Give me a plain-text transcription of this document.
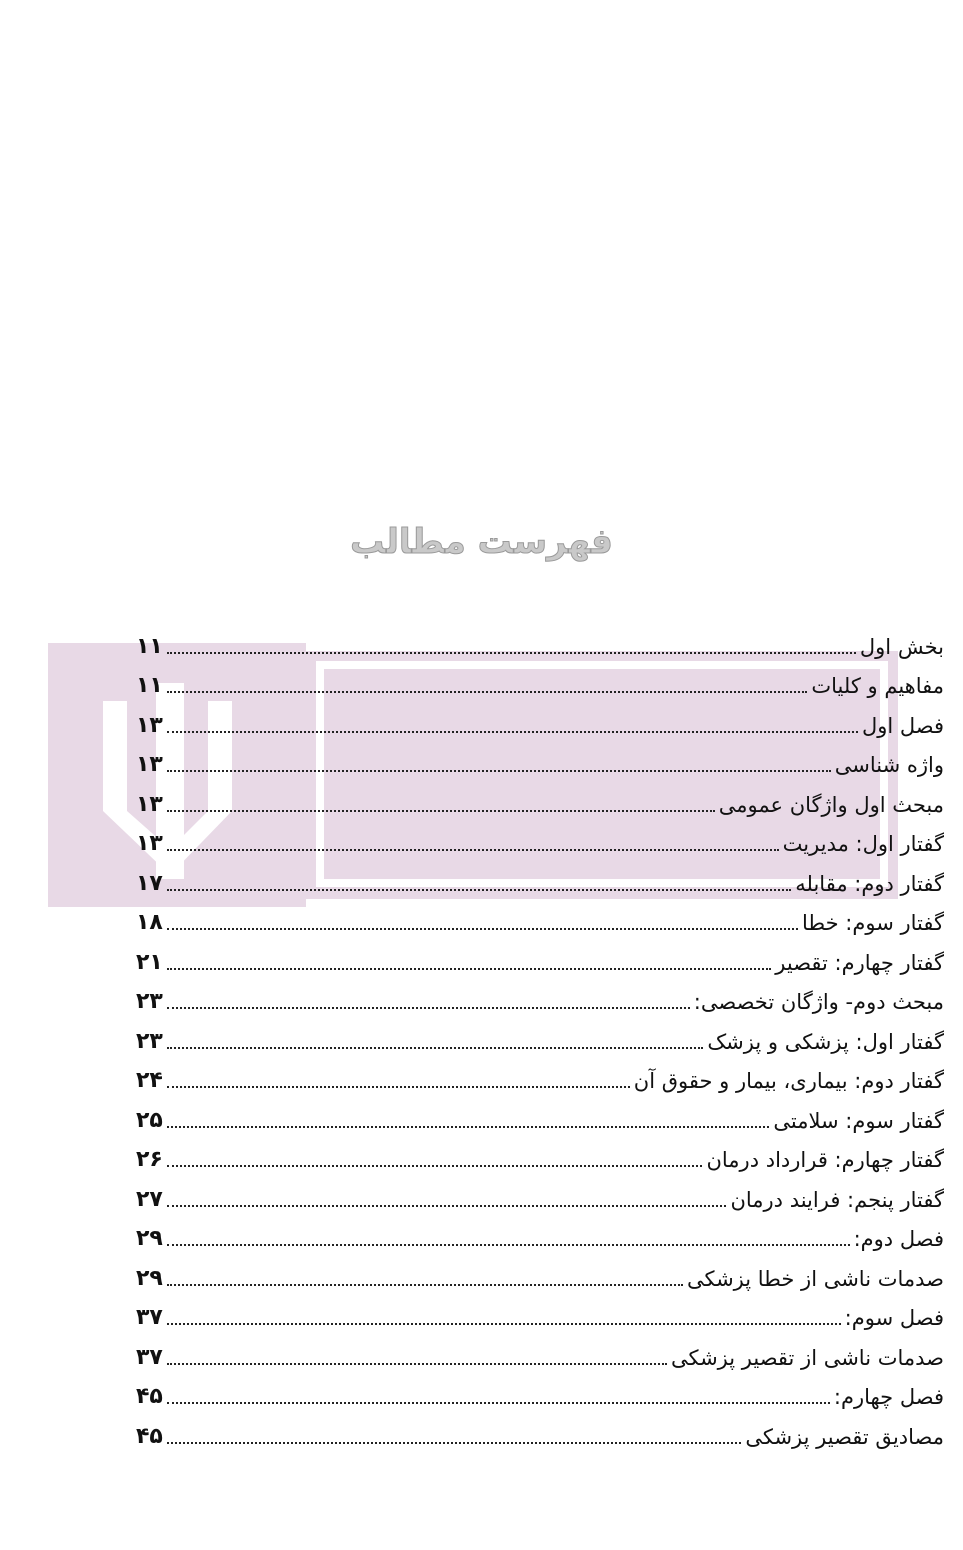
فهرست مطالب
بخش اول
۱۱
مفاهیم و کلیات
۱۱
فصل اول
۱۳
واژه شناسی
۱۳
مبحث اول واژگان عمومی
۱۳
گفتار اول: مدیریت
۱۳
گفتار دوم: مقابله
۱۷
گفتار سوم: خطا
۱۸
گفتار چهارم: تقصیر
۲۱
مبحث دوم- واژگان تخصصی:
۲۳
گفتار اول: پزشکی و پزشک
۲۳
گفتار دوم: بیماری، بیمار و حقوق آن
۲۴
گفتار سوم: سلامتی
۲۵
گفتار چهارم: قرارداد درمان
۲۶
گفتار پنجم: فرایند درمان
۲۷
فصل دوم:
۲۹
صدمات ناشی از خطا پزشکی
۲۹
فصل سوم:
۳۷
صدمات ناشی از تقصیر پزشکی
۳۷
فصل چهارم:
۴۵
مصادیق تقصیر پزشکی
۴۵
